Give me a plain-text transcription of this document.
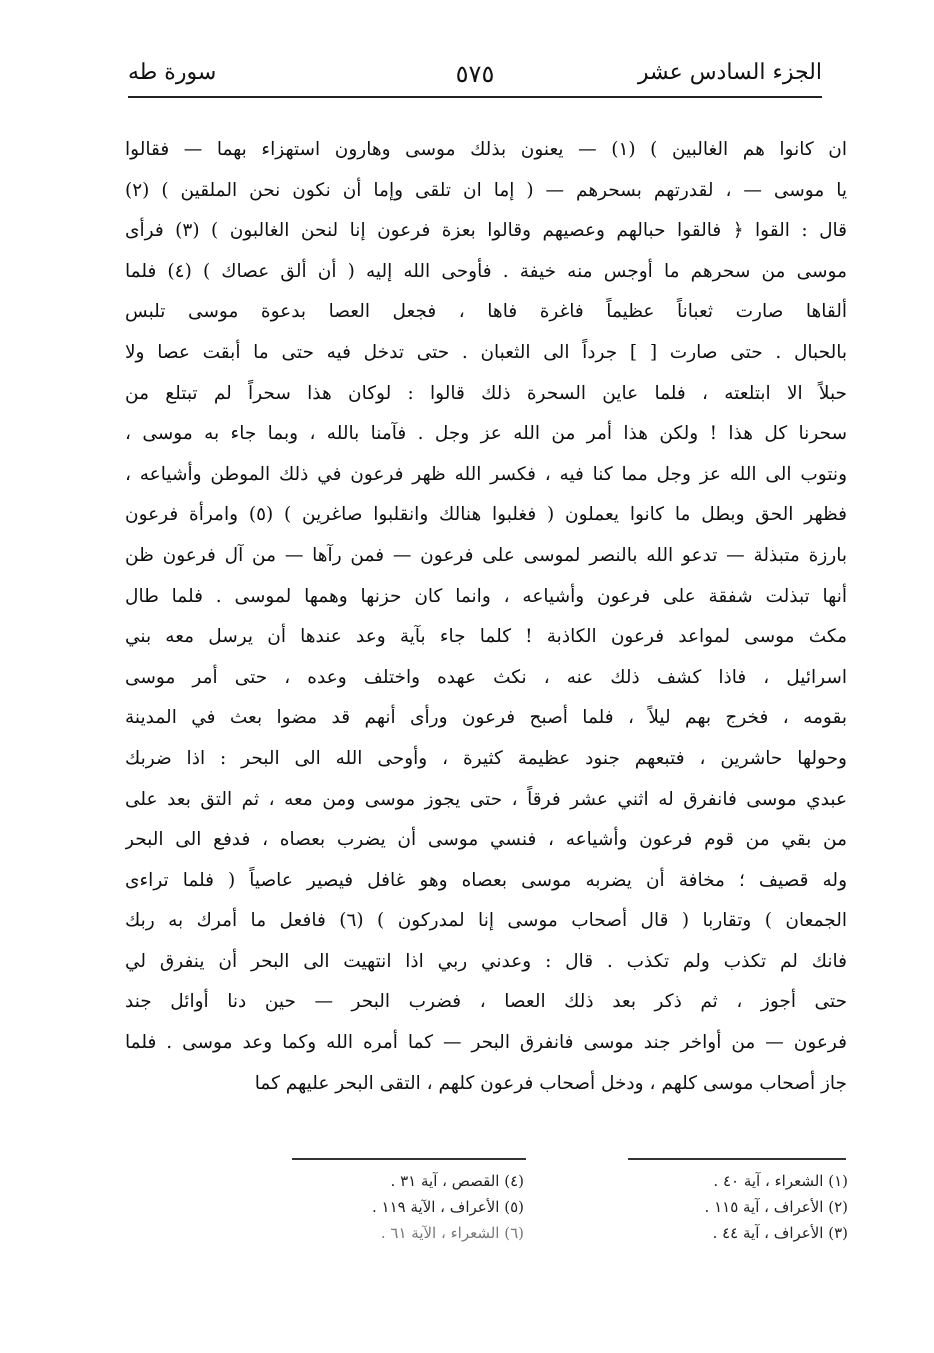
الجزء السادس عشر
٥٧٥
سورة طه
ان كانوا هم الغالبين ) (١) — يعنون بذلك موسى وهارون استهزاء بهما — فقالوا
يا موسى — ، لقدرتهم بسحرهم — ( إما ان تلقى وإما أن نكون نحن الملقين ) (٢)
قال : القوا ﴿ فالقوا حبالهم وعصيهم وقالوا بعزة فرعون إنا لنحن الغالبون ) (٣) فرأى
موسى من سحرهم ما أوجس منه خيفة . فأوحى الله إليه ( أن ألق عصاك ) (٤) فلما
ألقاها صارت ثعباناً عظيماً فاغرة فاها ، فجعل العصا بدعوة موسى تلبس
بالحبال . حتى صارت [ ] جرداً الى الثعبان . حتى تدخل فيه حتى ما أبقت عصا ولا
حبلاً الا ابتلعته ، فلما عاين السحرة ذلك قالوا : لوكان هذا سحراً لم تبتلع من
سحرنا كل هذا ! ولكن هذا أمر من الله عز وجل . فآمنا بالله ، وبما جاء به موسى ،
ونتوب الى الله عز وجل مما كنا فيه ، فكسر الله ظهر فرعون في ذلك الموطن وأشياعه ،
فظهر الحق وبطل ما كانوا يعملون ( فغلبوا هنالك وانقلبوا صاغرين ) (٥) وامرأة فرعون
بارزة متبذلة — تدعو الله بالنصر لموسى على فرعون — فمن رآها — من آل فرعون ظن
أنها تبذلت شفقة على فرعون وأشياعه ، وانما كان حزنها وهمها لموسى . فلما طال
مكث موسى لمواعد فرعون الكاذبة ! كلما جاء بآية وعد عندها أن يرسل معه بني
اسرائيل ، فاذا كشف ذلك عنه ، نكث عهده واختلف وعده ، حتى أمر موسى
بقومه ، فخرج بهم ليلاً ، فلما أصبح فرعون ورأى أنهم قد مضوا بعث في المدينة
وحولها حاشرين ، فتبعهم جنود عظيمة كثيرة ، وأوحى الله الى البحر : اذا ضربك
عبدي موسى فانفرق له اثني عشر فرقاً ، حتى يجوز موسى ومن معه ، ثم التق بعد على
من بقي من قوم فرعون وأشياعه ، فنسي موسى أن يضرب بعصاه ، فدفع الى البحر
وله قصيف ؛ مخافة أن يضربه موسى بعصاه وهو غافل فيصير عاصياً ( فلما تراءى
الجمعان ) وتقاربا ( قال أصحاب موسى إنا لمدركون ) (٦) فافعل ما أمرك به ربك
فانك لم تكذب ولم تكذب . قال : وعدني ربي اذا انتهيت الى البحر أن ينفرق لي
حتى أجوز ، ثم ذكر بعد ذلك العصا ، فضرب البحر — حين دنا أوائل جند
فرعون — من أواخر جند موسى فانفرق البحر — كما أمره الله وكما وعد موسى . فلما
جاز أصحاب موسى كلهم ، ودخل أصحاب فرعون كلهم ، التقى البحر عليهم كما
(١) الشعراء ، آية ٤٠ .
(٢) الأعراف ، آية ١١٥ .
(٣) الأعراف ، آية ٤٤ .
(٤) القصص ، آية ٣١ .
(٥) الأعراف ، الآية ١١٩ .
(٦) الشعراء ، الآية ٦١ .
